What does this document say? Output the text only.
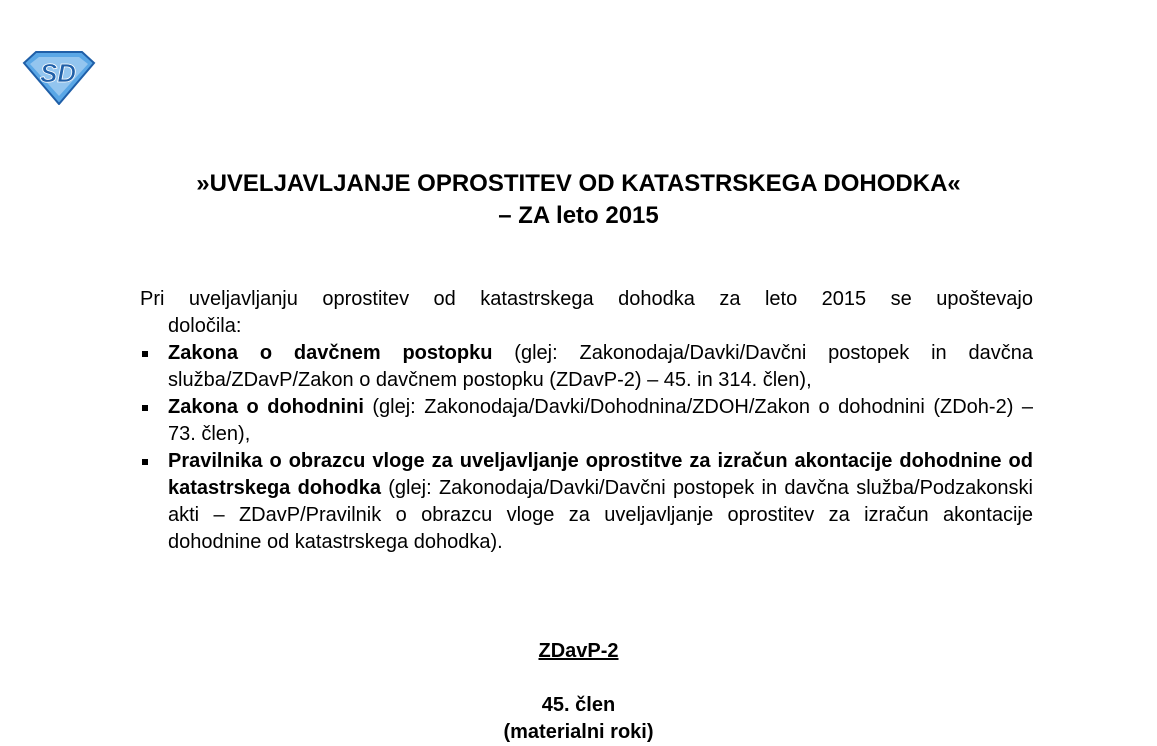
SD
»UVELJAVLJANJE OPROSTITEV OD KATASTRSKEGA DOHODKA«
– ZA leto 2015
Pri uveljavljanju oprostitev od katastrskega dohodka za leto 2015 se upoštevajo
določila:
Zakona o davčnem postopku (glej: Zakonodaja/Davki/Davčni postopek in davčna služba/ZDavP/Zakon o davčnem postopku (ZDavP-2) – 45. in 314. člen),
Zakona o dohodnini (glej: Zakonodaja/Davki/Dohodnina/ZDOH/Zakon o dohodnini (ZDoh-2) – 73. člen),
Pravilnika o obrazcu vloge za uveljavljanje oprostitve za izračun akontacije dohodnine od katastrskega dohodka (glej: Zakonodaja/Davki/Davčni postopek in davčna služba/Podzakonski akti – ZDavP/Pravilnik o obrazcu vloge za uveljavljanje oprostitev za izračun akontacije dohodnine od katastrskega dohodka).
ZDavP-2
45. člen
(materialni roki)
